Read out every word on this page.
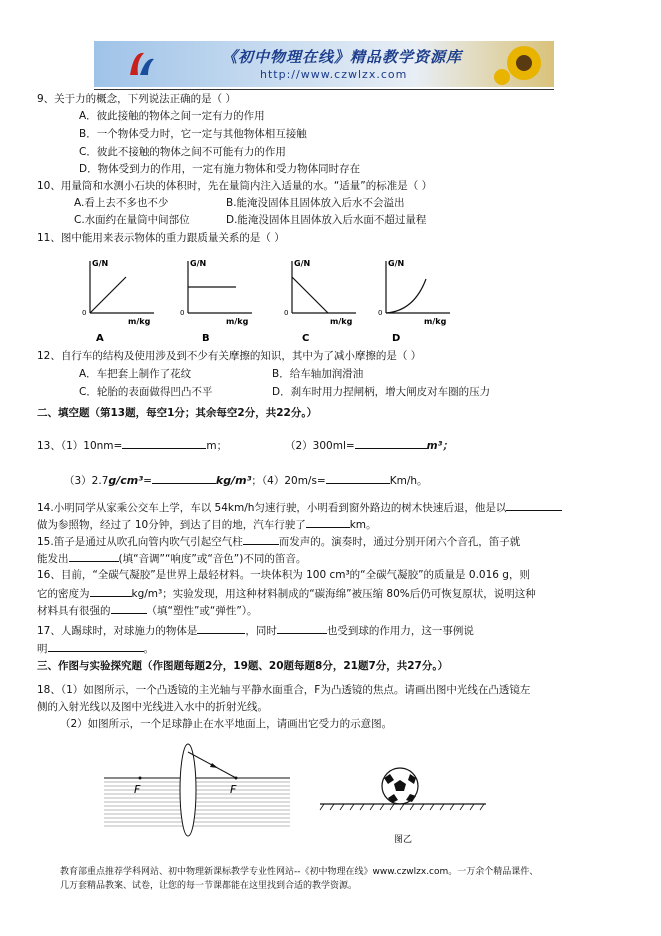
《初中物理在线》精品教学资源库
http://www.czwlzx.com
9、关于力的概念，下列说法正确的是（ ）
A．彼此接触的物体之间一定有力的作用
B．一个物体受力时，它一定与其他物体相互接触
C．彼此不接触的物体之间不可能有力的作用
D．物体受到力的作用，一定有施力物体和受力物体同时存在
10、用量筒和水测小石块的体积时，先在量筒内注入适量的水。“适量”的标准是（ ）
A.看上去不多也不少	B.能淹没固体且固体放入后水不会溢出
C.水面约在量筒中间部位	D.能淹没固体且固体放入后水面不超过量程
11、图中能用来表示物体的重力跟质量关系的是（ ）
G/N
0
m/kg
A
G/N
0
m/kg
B
G/N
0
m/kg
C
G/N
0
m/kg
D
12、自行车的结构及使用涉及到不少有关摩擦的知识，其中为了减小摩擦的是（ ）
A．车把套上制作了花纹	B．给车轴加润滑油
C．轮胎的表面做得凹凸不平	D．刹车时用力捏闸柄，增大闸皮对车圈的压力
二、填空题（第13题，每空1分；其余每空2分，共22分。）
13、（1）10nm=	m；	（2）300ml=	m³；
（3）2.7g/cm³=	kg/m³；（4）20m/s=	Km/h。
14.小明同学从家乘公交车上学，车以 54km/h匀速行驶，小明看到窗外路边的树木快速后退，他是以
做为参照物，经过了 10分钟，到达了目的地，汽车行驶了	km。
15.笛子是通过从吹孔向管内吹气引起空气柱	而发声的。演奏时，通过分别开闭六个音孔，笛子就
能发出	(填“音调”“响度”或“音色”)不同的笛音。
16、目前，“全碳气凝胶”是世界上最轻材料。一块体积为 100 cm³的“全碳气凝胶”的质量是 0.016 g，则
它的密度为	kg/m³；实验发现，用这种材料制成的“碳海绵”被压缩 80%后仍可恢复原状，说明这种
材料具有很强的	（填“塑性”或“弹性”）。
17、人踢球时，对球施力的物体是	，同时	也受到球的作用力，这一事例说
明	。
三、作图与实验探究题（作图题每题2分，19题、20题每题8分，21题7分，共27分。）
18、（1）如图所示，一个凸透镜的主光轴与平静水面重合，F为凸透镜的焦点。请画出图中光线在凸透镜左
侧的入射光线以及图中光线进入水中的折射光线。
（2）如图所示，一个足球静止在水平地面上，请画出它受力的示意图。
F	F
图乙
教育部重点推荐学科网站、初中物理新课标教学专业性网站--《初中物理在线》www.czwlzx.com。一万余个精品课件、
几万套精品教案、试卷，让您的每一节课都能在这里找到合适的教学资源。
